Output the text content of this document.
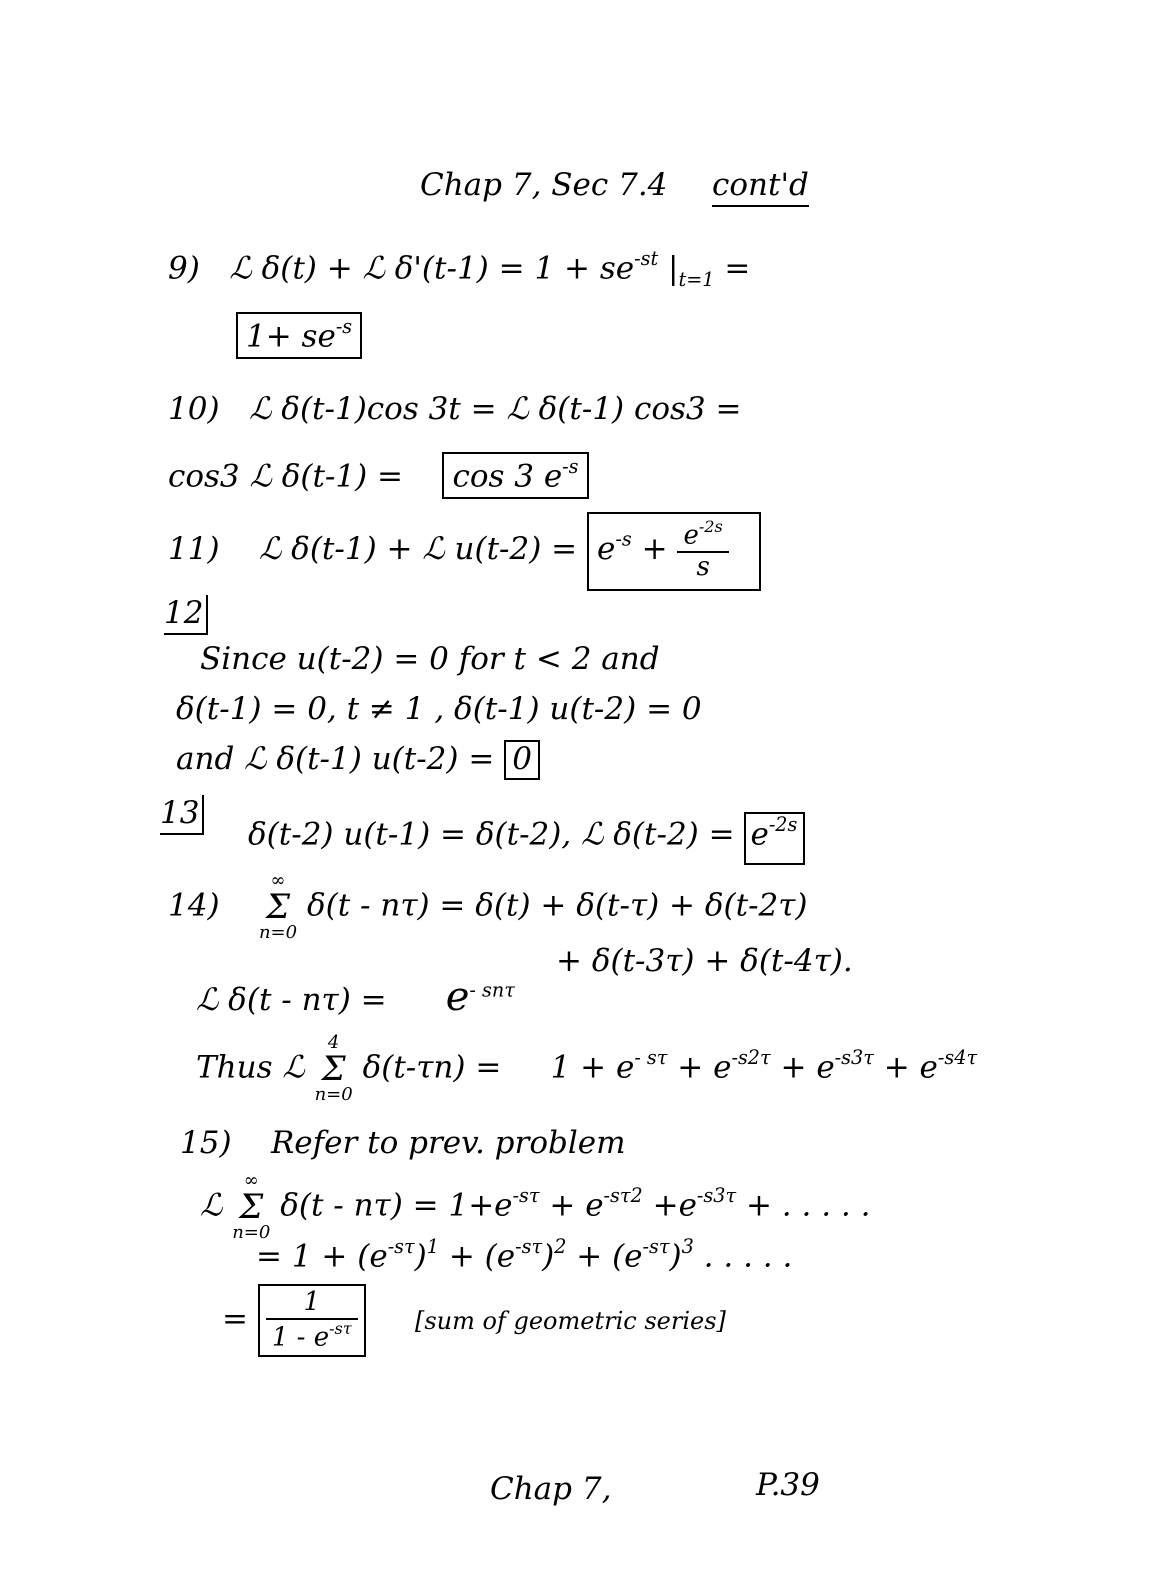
Chap 7, Sec 7.4 cont'd
9) ℒ δ(t) + ℒ $\delta'(t-1) = 1 + se^{-st}$ $|_{t=1}$ =
$1+ se^{-s}$
10) ℒ δ(t-1)cos 3t = ℒ δ(t-1) cos3 =
cos3 ℒ δ(t-1) = cos 3 $e^{-s}$
11) ℒ δ(t-1) + ℒ $u(t-2) = e^{-s} + \frac{e^{-2s}}{s}$
12
Since u(t-2) = 0 for t < 2 and
δ(t-1) = 0, t ≠ 1 , δ(t-1) u(t-2) = 0
and ℒ δ(t-1) u(t-2) = 0
13
δ(t-2) u(t-1) = δ(t-2), ℒ $\delta(t-2) = e^{-2s}$
14)    ∞
Σ
n=0 δ(t - nτ) = δ(t) + δ(t-τ) + δ(t-2τ)
+ δ(t-3τ) + δ(t-4τ).
ℒ $\delta(t - n\tau) = e^{- sn\tau}$
Thus ℒ 4
Σ
n=0 $\delta(t-\tau n) = 1 + e^{- s\tau} + e^{-s2\tau} + e^{-s3\tau} + e^{-s4\tau}$
15) Refer to prev. problem
ℒ ∞
Σ
n=0 $\delta(t - n\tau) = 1+e^{-s\tau} + e^{-s\tau 2} +e^{-s3\tau}$ + . . . . .
= $1 + (e^{-s\tau})^1 + (e^{-s\tau})^2 + (e^{-s\tau})^3$ . . . . .
= $\frac{1}{1 - e^{-s\tau}} [sum$ of geometric series]
Chap 7,	P.39
